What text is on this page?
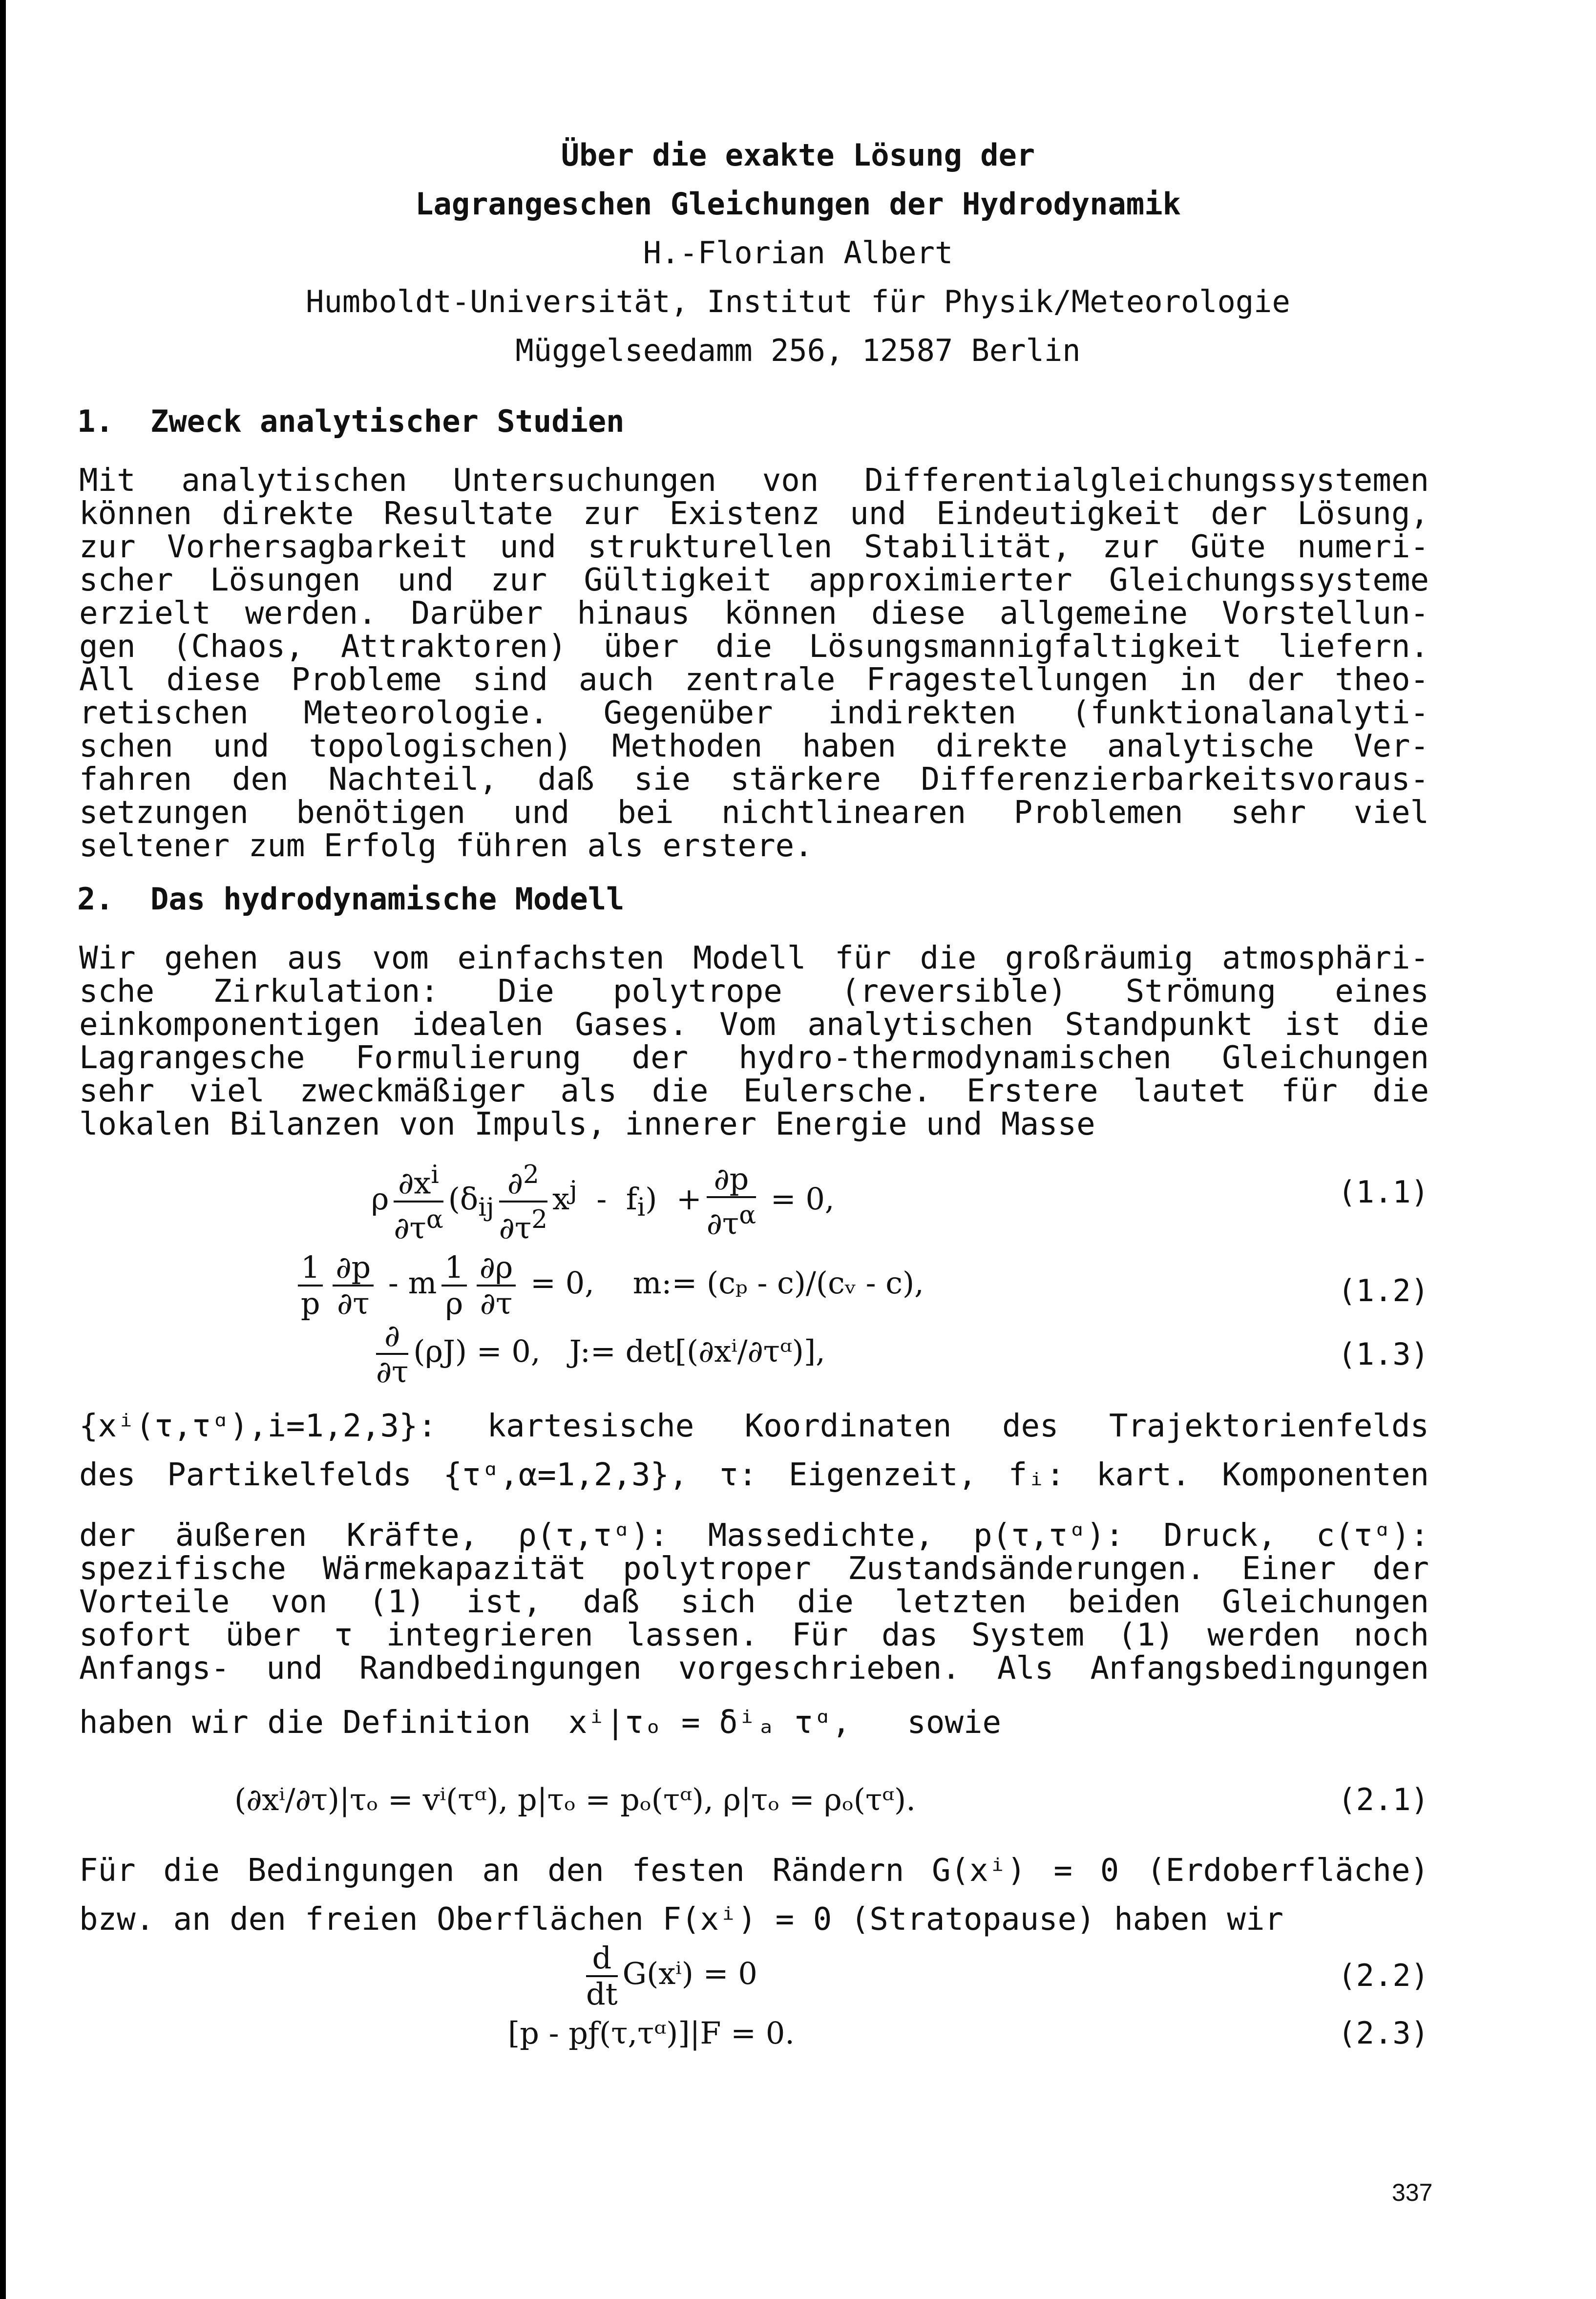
Über die exakte Lösung der
Lagrangeschen Gleichungen der Hydrodynamik
H.-Florian Albert
Humboldt-Universität, Institut für Physik/Meteorologie
Müggelseedamm 256, 12587 Berlin
1. Zweck analytischer Studien
Mit analytischen Untersuchungen von Differentialgleichungssystemen
können direkte Resultate zur Existenz und Eindeutigkeit der Lösung,
zur Vorhersagbarkeit und strukturellen Stabilität, zur Güte numeri-
scher Lösungen und zur Gültigkeit approximierter Gleichungssysteme
erzielt werden. Darüber hinaus können diese allgemeine Vorstellun-
gen (Chaos, Attraktoren) über die Lösungsmannigfaltigkeit liefern.
All diese Probleme sind auch zentrale Fragestellungen in der theo-
retischen Meteorologie. Gegenüber indirekten (funktionalanalyti-
schen und topologischen) Methoden haben direkte analytische Ver-
fahren den Nachteil, daß sie stärkere Differenzierbarkeitsvoraus-
setzungen benötigen und bei nichtlinearen Problemen sehr viel
seltener zum Erfolg führen als erstere.
2. Das hydrodynamische Modell
Wir gehen aus vom einfachsten Modell für die großräumig atmosphäri-
sche Zirkulation: Die polytrope (reversible) Strömung eines
einkomponentigen idealen Gases. Vom analytischen Standpunkt ist die
Lagrangesche Formulierung der hydro-thermodynamischen Gleichungen
sehr viel zweckmäßiger als die Eulersche. Erstere lautet für die
lokalen Bilanzen von Impuls, innerer Energie und Masse
ρ $\frac{\partial x^i}{\partial\tau^\alpha} (\delta_{ij} \frac{\partial^2}{\partial\tau^2} x^j - f_i) + \frac{\partial p}{\partial\tau^\alpha} = 0$,	(1.1)
$\frac{1}{p} \frac{\partial p}{\partial\tau} - m \frac{1}{\rho} \frac{\partial\rho}{\partial\tau} = 0$,    m:= (cₚ - c)/(cᵥ - c),	(1.2)
$\frac{\partial}{\partial\tau} (\rho J) = 0$,   J:= det[(∂xⁱ/∂τᵅ)],	(1.3)
{xⁱ(τ,τᵅ),i=1,2,3}: kartesische Koordinaten des Trajektorienfelds
des Partikelfelds {τᵅ,α=1,2,3}, τ: Eigenzeit, fᵢ: kart. Komponenten
der äußeren Kräfte, ρ(τ,τᵅ): Massedichte, p(τ,τᵅ): Druck, c(τᵅ):
spezifische Wärmekapazität polytroper Zustandsänderungen. Einer der
Vorteile von (1) ist, daß sich die letzten beiden Gleichungen
sofort über τ integrieren lassen. Für das System (1) werden noch
Anfangs- und Randbedingungen vorgeschrieben. Als Anfangsbedingungen
haben wir die Definition xⁱ|τₒ = δⁱₐ τᵅ, sowie
(∂xⁱ/∂τ)|τₒ = vⁱ(τᵅ), p|τₒ = pₒ(τᵅ), ρ|τₒ = ρₒ(τᵅ).	(2.1)
Für die Bedingungen an den festen Rändern G(xⁱ) = 0 (Erdoberfläche)
bzw. an den freien Oberflächen F(xⁱ) = 0 (Stratopause) haben wir
$\frac{d}{dt} G(x^i) = 0$	(2.2)
[p - pƒ(τ,τᵅ)]|F = 0.	(2.3)
337
